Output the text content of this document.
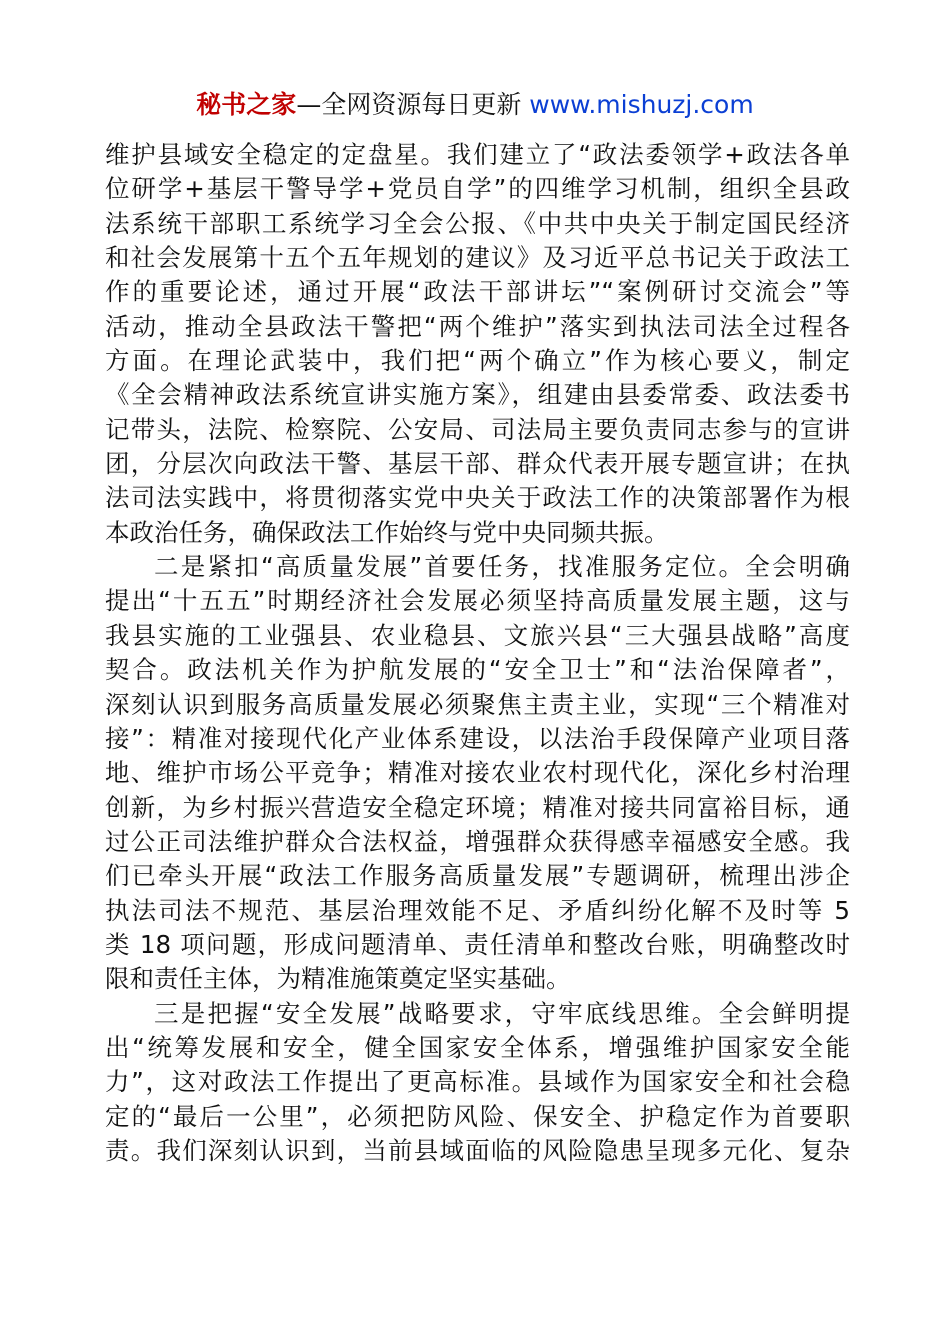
秘书之家—全网资源每日更新 www.mishuzj.com
维护县域安全稳定的定盘星。我们建立了“政法委领学+政法各单
位研学+基层干警导学+党员自学”的四维学习机制，组织全县政
法系统干部职工系统学习全会公报、《中共中央关于制定国民经济
和社会发展第十五个五年规划的建议》及习近平总书记关于政法工
作的重要论述，通过开展“政法干部讲坛”“案例研讨交流会”等
活动，推动全县政法干警把“两个维护”落实到执法司法全过程各
方面。在理论武装中，我们把“两个确立”作为核心要义，制定
《全会精神政法系统宣讲实施方案》，组建由县委常委、政法委书
记带头，法院、检察院、公安局、司法局主要负责同志参与的宣讲
团，分层次向政法干警、基层干部、群众代表开展专题宣讲；在执
法司法实践中，将贯彻落实党中央关于政法工作的决策部署作为根
本政治任务，确保政法工作始终与党中央同频共振。
二是紧扣“高质量发展”首要任务，找准服务定位。全会明确
提出“十五五”时期经济社会发展必须坚持高质量发展主题，这与
我县实施的工业强县、农业稳县、文旅兴县“三大强县战略”高度
契合。政法机关作为护航发展的“安全卫士”和“法治保障者”，
深刻认识到服务高质量发展必须聚焦主责主业，实现“三个精准对
接”：精准对接现代化产业体系建设，以法治手段保障产业项目落
地、维护市场公平竞争；精准对接农业农村现代化，深化乡村治理
创新，为乡村振兴营造安全稳定环境；精准对接共同富裕目标，通
过公正司法维护群众合法权益，增强群众获得感幸福感安全感。我
们已牵头开展“政法工作服务高质量发展”专题调研，梳理出涉企
执法司法不规范、基层治理效能不足、矛盾纠纷化解不及时等 5
类 18 项问题，形成问题清单、责任清单和整改台账，明确整改时
限和责任主体，为精准施策奠定坚实基础。
三是把握“安全发展”战略要求，守牢底线思维。全会鲜明提
出“统筹发展和安全，健全国家安全体系，增强维护国家安全能
力”，这对政法工作提出了更高标准。县域作为国家安全和社会稳
定的“最后一公里”，必须把防风险、保安全、护稳定作为首要职
责。我们深刻认识到，当前县域面临的风险隐患呈现多元化、复杂
